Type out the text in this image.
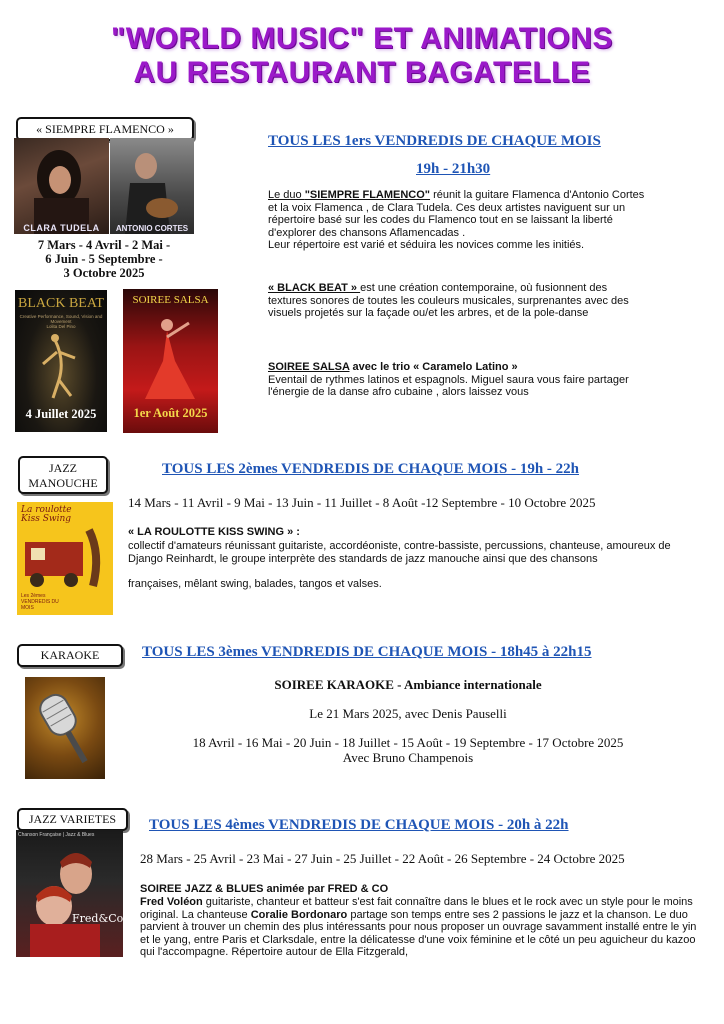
"WORLD MUSIC" ET ANIMATIONS
AU RESTAURANT BAGATELLE
« SIEMPRE FLAMENCO »
CLARA TUDELA	ANTONIO CORTES
7 Mars - 4 Avril - 2 Mai -
6 Juin - 5 Septembre -
3 Octobre 2025
BLACK BEAT
Creative Performance, Sound, Vision and Movement
Lolita Del Pino
4 Juillet 2025
SOIREE SALSA
1er Août 2025
TOUS LES 1ers VENDREDIS DE CHAQUE MOIS
19h - 21h30
Le duo "SIEMPRE FLAMENCO" réunit la guitare Flamenca d'Antonio Cortes et la voix Flamenca , de Clara Tudela. Ces deux artistes naviguent sur un répertoire basé sur les codes du Flamenco tout en se laissant la liberté d'explorer des chansons Aflamencadas .
Leur répertoire est varié et séduira les novices comme les initiés.
« BLACK BEAT » est une création contemporaine, où fusionnent des textures sonores de toutes les couleurs musicales, surprenantes avec des visuels projetés sur la façade ou/et les arbres, et de la pole-danse
SOIREE SALSA avec le trio « Caramelo Latino »
Eventail de rythmes latinos et espagnols. Miguel saura vous faire partager l'énergie de la danse afro cubaine , alors laissez vous
JAZZ
MANOUCHE
La roulotte Kiss Swing
Les 2èmes VENDREDIS DU MOIS
TOUS LES 2èmes VENDREDIS DE CHAQUE MOIS - 19h - 22h
14 Mars - 11 Avril - 9 Mai - 13 Juin - 11 Juillet - 8 Août -12 Septembre - 10 Octobre 2025
« LA ROULOTTE KISS SWING » :
collectif d'amateurs réunissant guitariste, accordéoniste, contre-bassiste, percussions, chanteuse, amoureux de Django Reinhardt, le groupe interprète des standards de jazz manouche ainsi que des chansons
françaises, mêlant swing, balades, tangos et valses.
KARAOKE	TOUS LES 3èmes VENDREDIS DE CHAQUE MOIS - 18h45 à 22h15
SOIREE KARAOKE - Ambiance internationale
Le 21 Mars 2025, avec Denis Pauselli
18 Avril - 16 Mai - 20 Juin - 18 Juillet - 15 Août - 19 Septembre - 17 Octobre 2025
Avec Bruno Champenois
JAZZ VARIETES
Chanson Française | Jazz & Blues
Fred&Co
TOUS LES 4èmes VENDREDIS DE CHAQUE MOIS - 20h à 22h
28 Mars - 25 Avril - 23 Mai - 27 Juin - 25 Juillet - 22 Août - 26 Septembre - 24 Octobre 2025
SOIREE JAZZ & BLUES animée par FRED & CO
Fred Voléon guitariste, chanteur et batteur s'est fait connaître dans le blues et le rock avec un style pour le moins original. La chanteuse Coralie Bordonaro partage son temps entre ses 2 passions le jazz et la chanson. Le duo parvient à trouver un chemin des plus intéressants pour nous proposer un ouvrage savamment installé entre le yin et le yang, entre Paris et Clarksdale, entre la délicatesse d'une voix féminine et le côté un peu aguicheur du kazoo qui l'accompagne. Répertoire autour de Ella Fitzgerald,
